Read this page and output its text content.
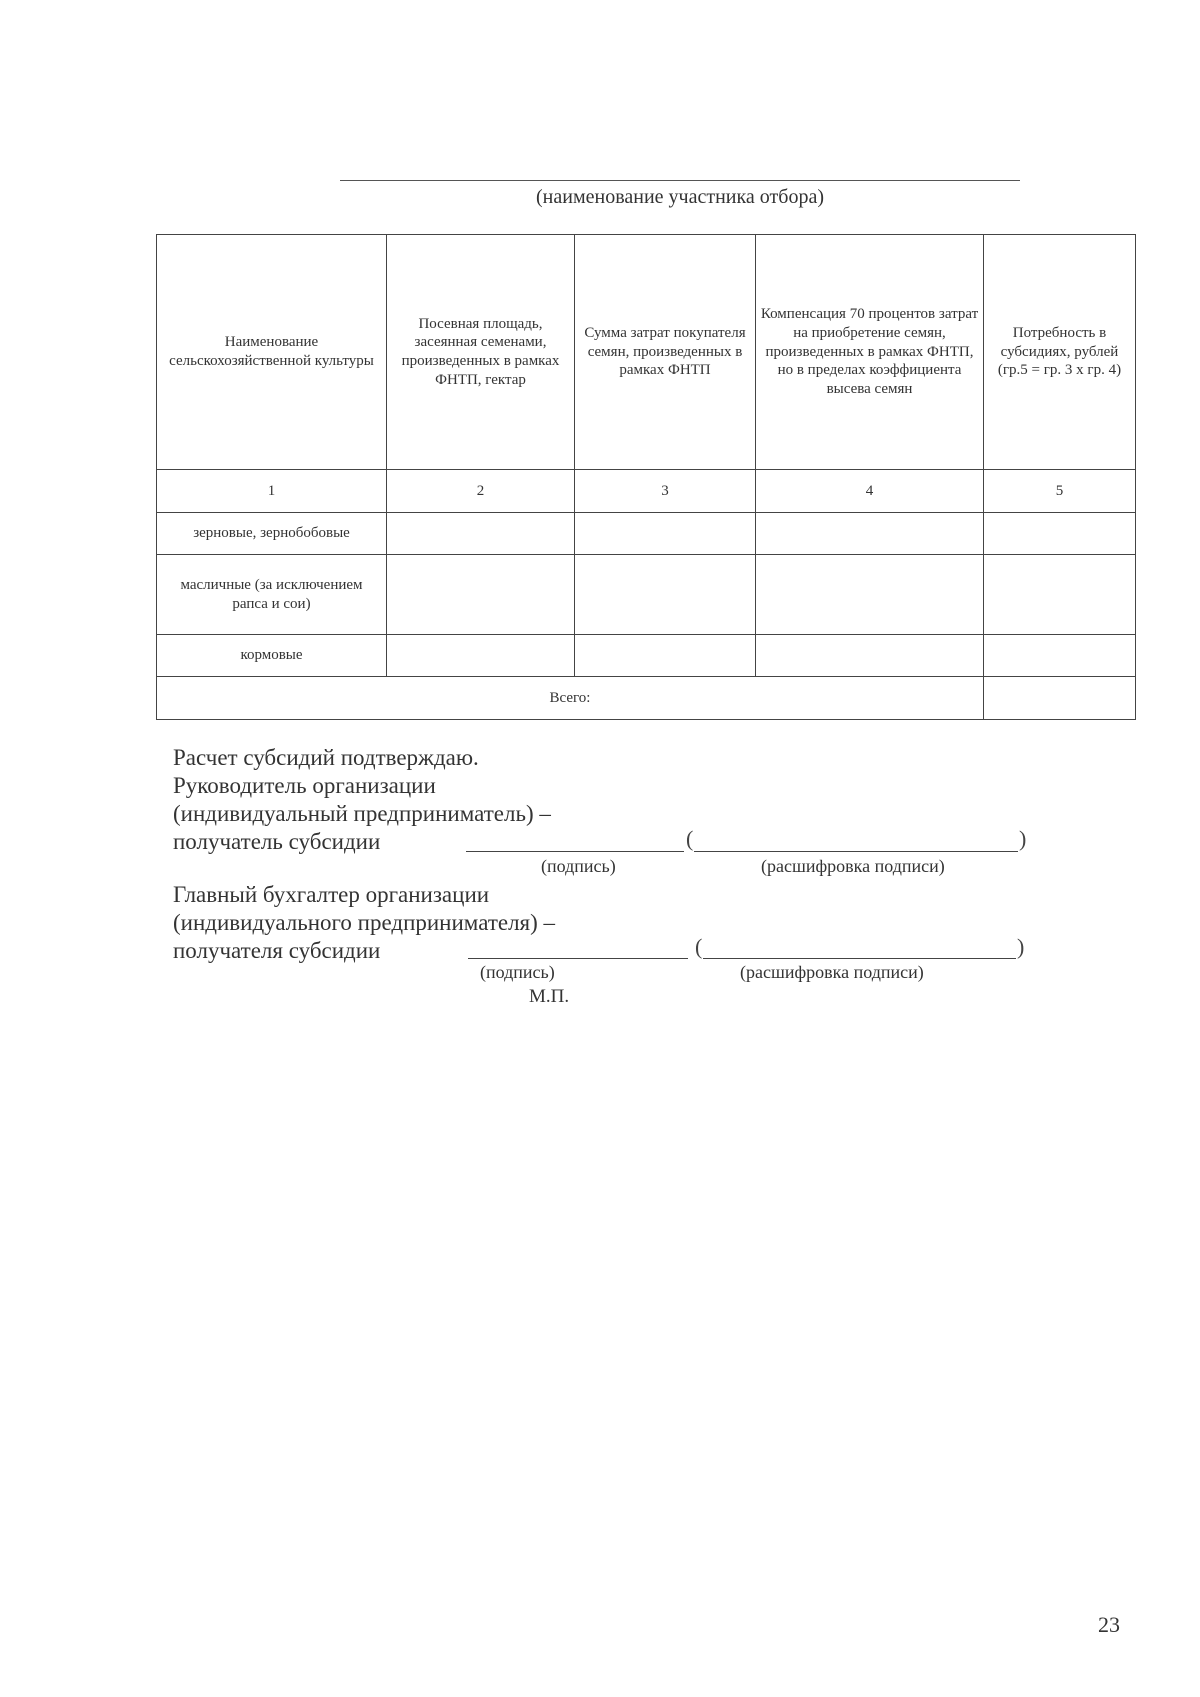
(наименование участника отбора)
Наименование сельскохозяйственной культуры	Посевная площадь, засеянная семенами, произведенных в рамках ФНТП, гектар	Сумма затрат покупателя семян, произведенных в рамках ФНТП	Компенсация 70 процентов затрат на приобретение семян, произведенных в рамках ФНТП, но в пределах коэффициента высева семян	Потребность в субсидиях, рублей (гр.5 = гр. 3 х гр. 4)
1	2	3	4	5
зерновые, зернобобовые				
масличные (за исключением рапса и сои)				
кормовые				
Всего:				
Расчет субсидий подтверждаю.
Руководитель организации
(индивидуальный предприниматель) –
получатель субсидии	(	)
(подпись)	(расшифровка подписи)
Главный бухгалтер организации
(индивидуального предпринимателя) –
получателя субсидии	(	)
(подпись)	(расшифровка подписи)
М.П.
23
